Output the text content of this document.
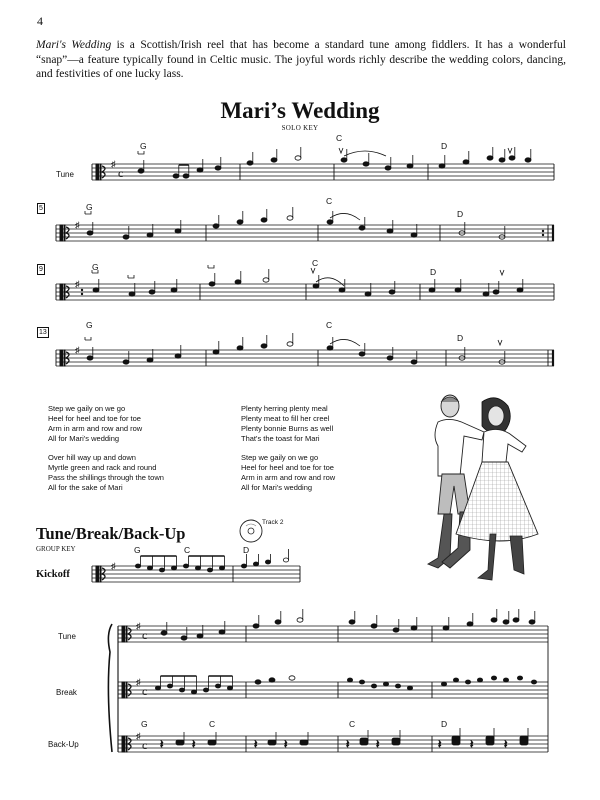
4
Mari's Wedding is a Scottish/Irish reel that has become a standard tune among fiddlers. It has a wonderful “snap”—a feature typically found in Celtic music. The joyful words richly describe the wedding colors, dancing, and festivities of one lucky lass.
Mari’s Wedding
SOLO KEY
♯
♯
♯
♯
c
Tune
5
9
13
G
C
D
G
C
D
G	C
D
G	C
D

Step we gaily on we go
Heel for heel and toe for toe
Arm in arm and row and row
All for Mari's wedding

Over hill way up and down
Myrtle green and rack and round
Pass the shillings through the town
All for the sake of Mari

Plenty herring plenty meal
Plenty meat to fill her creel
Plenty bonnie Burns as well
That's the toast for Mari

Step we gaily on we go
Heel for heel and toe for toe
Arm in arm and row and row
All for Mari's wedding

Tune/Break/Back-Up
Track 2
GROUP KEY
Kickoff
G	C	D
Tune
Break
Back-Up
G	C	C	D
♯
♯
♯
♯
c
c
c 𝄽	𝄽	𝄽 𝄽	𝄽 𝄽	𝄽	𝄽	𝄽
